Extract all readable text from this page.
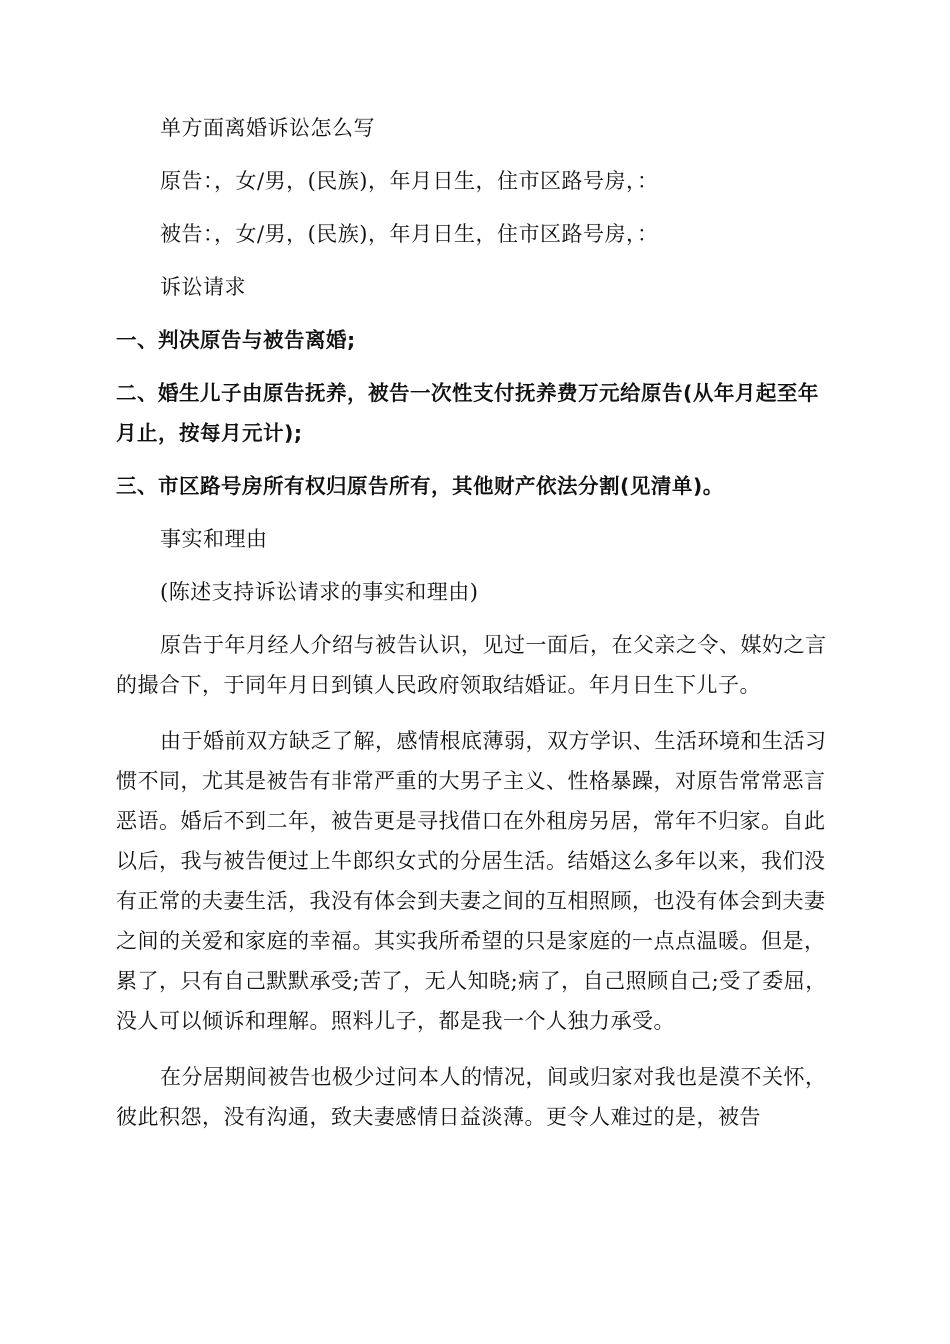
单方面离婚诉讼怎么写

原告：，女/男，(民族)，年月日生，住市区路号房，：

被告：，女/男，(民族)，年月日生，住市区路号房，：

诉讼请求

一、判决原告与被告离婚;

二、婚生儿子由原告抚养，被告一次性支付抚养费万元给原告(从年月起至年月止，按每月元计);

三、市区路号房所有权归原告所有，其他财产依法分割(见清单)。

事实和理由

(陈述支持诉讼请求的事实和理由)

原告于年月经人介绍与被告认识，见过一面后，在父亲之令、媒妁之言的撮合下，于同年月日到镇人民政府领取结婚证。年月日生下儿子。

由于婚前双方缺乏了解，感情根底薄弱，双方学识、生活环境和生活习惯不同，尤其是被告有非常严重的大男子主义、性格暴躁，对原告常常恶言恶语。婚后不到二年，被告更是寻找借口在外租房另居，常年不归家。自此以后，我与被告便过上牛郎织女式的分居生活。结婚这么多年以来，我们没有正常的夫妻生活，我没有体会到夫妻之间的互相照顾，也没有体会到夫妻之间的关爱和家庭的幸福。其实我所希望的只是家庭的一点点温暖。但是，累了，只有自己默默承受;苦了，无人知晓;病了，自己照顾自己;受了委屈，没人可以倾诉和理解。照料儿子，都是我一个人独力承受。

在分居期间被告也极少过问本人的情况，间或归家对我也是漠不关怀，彼此积怨，没有沟通，致夫妻感情日益淡薄。更令人难过的是，被告
